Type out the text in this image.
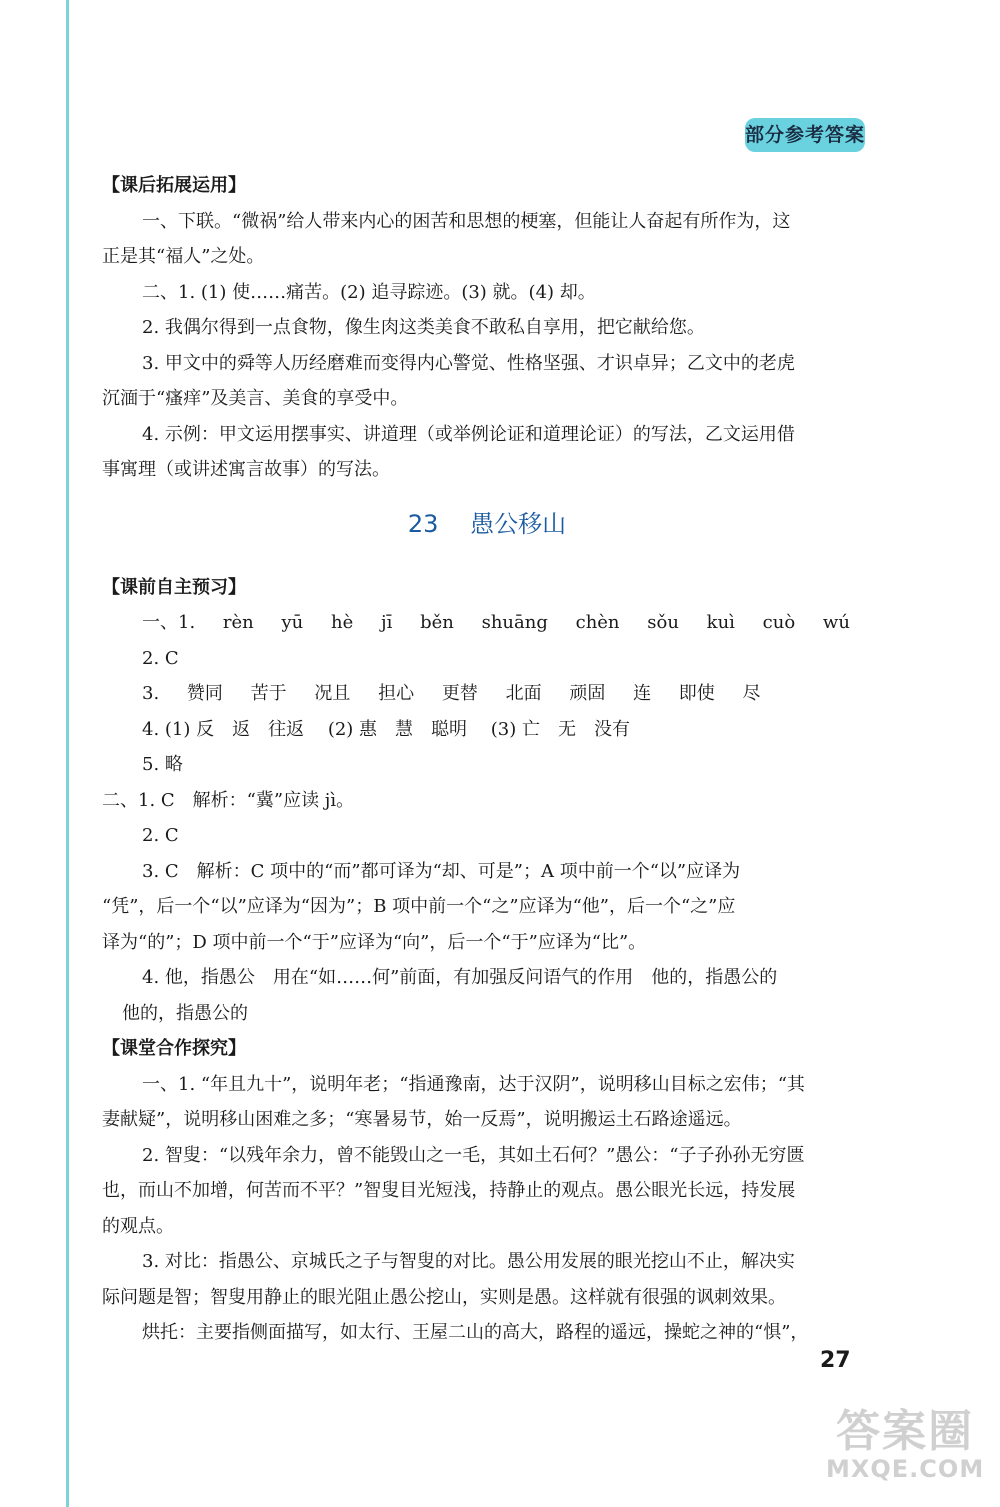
部分参考答案
【课后拓展运用】
一、下联。“微祸”给人带来内心的困苦和思想的梗塞，但能让人奋起有所作为，这
正是其“福人”之处。
二、1. (1) 使……痛苦。(2) 追寻踪迹。(3) 就。(4) 却。
2. 我偶尔得到一点食物，像生肉这类美食不敢私自享用，把它献给您。
3. 甲文中的舜等人历经磨难而变得内心警觉、性格坚强、才识卓异；乙文中的老虎
沉湎于“瘙痒”及美言、美食的享受中。
4. 示例：甲文运用摆事实、讲道理（或举例论证和道理论证）的写法，乙文运用借
事寓理（或讲述寓言故事）的写法。
23 愚公移山
【课前自主预习】
一、1. rèn yū hè jī běn shuāng chèn sǒu kuì cuò wú
2. C
3. 赞同 苦于 况且 担心 更替 北面 顽固 连 即使 尽
4. (1) 反　返　往返　 (2) 惠　慧　聪明　 (3) 亡　无　没有
5. 略
二、1. C　解析：“冀”应读 jì。
2. C
3. C　解析：C 项中的“而”都可译为“却、可是”；A 项中前一个“以”应译为
“凭”，后一个“以”应译为“因为”；B 项中前一个“之”应译为“他”，后一个“之”应
译为“的”；D 项中前一个“于”应译为“向”，后一个“于”应译为“比”。
4. 他，指愚公　用在“如……何”前面，有加强反问语气的作用　他的，指愚公的
他的，指愚公的
【课堂合作探究】
一、1. “年且九十”，说明年老；“指通豫南，达于汉阴”，说明移山目标之宏伟；“其
妻献疑”，说明移山困难之多；“寒暑易节，始一反焉”，说明搬运土石路途遥远。
2. 智叟：“以残年余力，曾不能毁山之一毛，其如土石何？”愚公：“子子孙孙无穷匮
也，而山不加增，何苦而不平？”智叟目光短浅，持静止的观点。愚公眼光长远，持发展
的观点。
3. 对比：指愚公、京城氏之子与智叟的对比。愚公用发展的眼光挖山不止，解决实
际问题是智；智叟用静止的眼光阻止愚公挖山，实则是愚。这样就有很强的讽刺效果。
烘托：主要指侧面描写，如太行、王屋二山的高大，路程的遥远，操蛇之神的“惧”，
27
答案圈
MXQE.COM
